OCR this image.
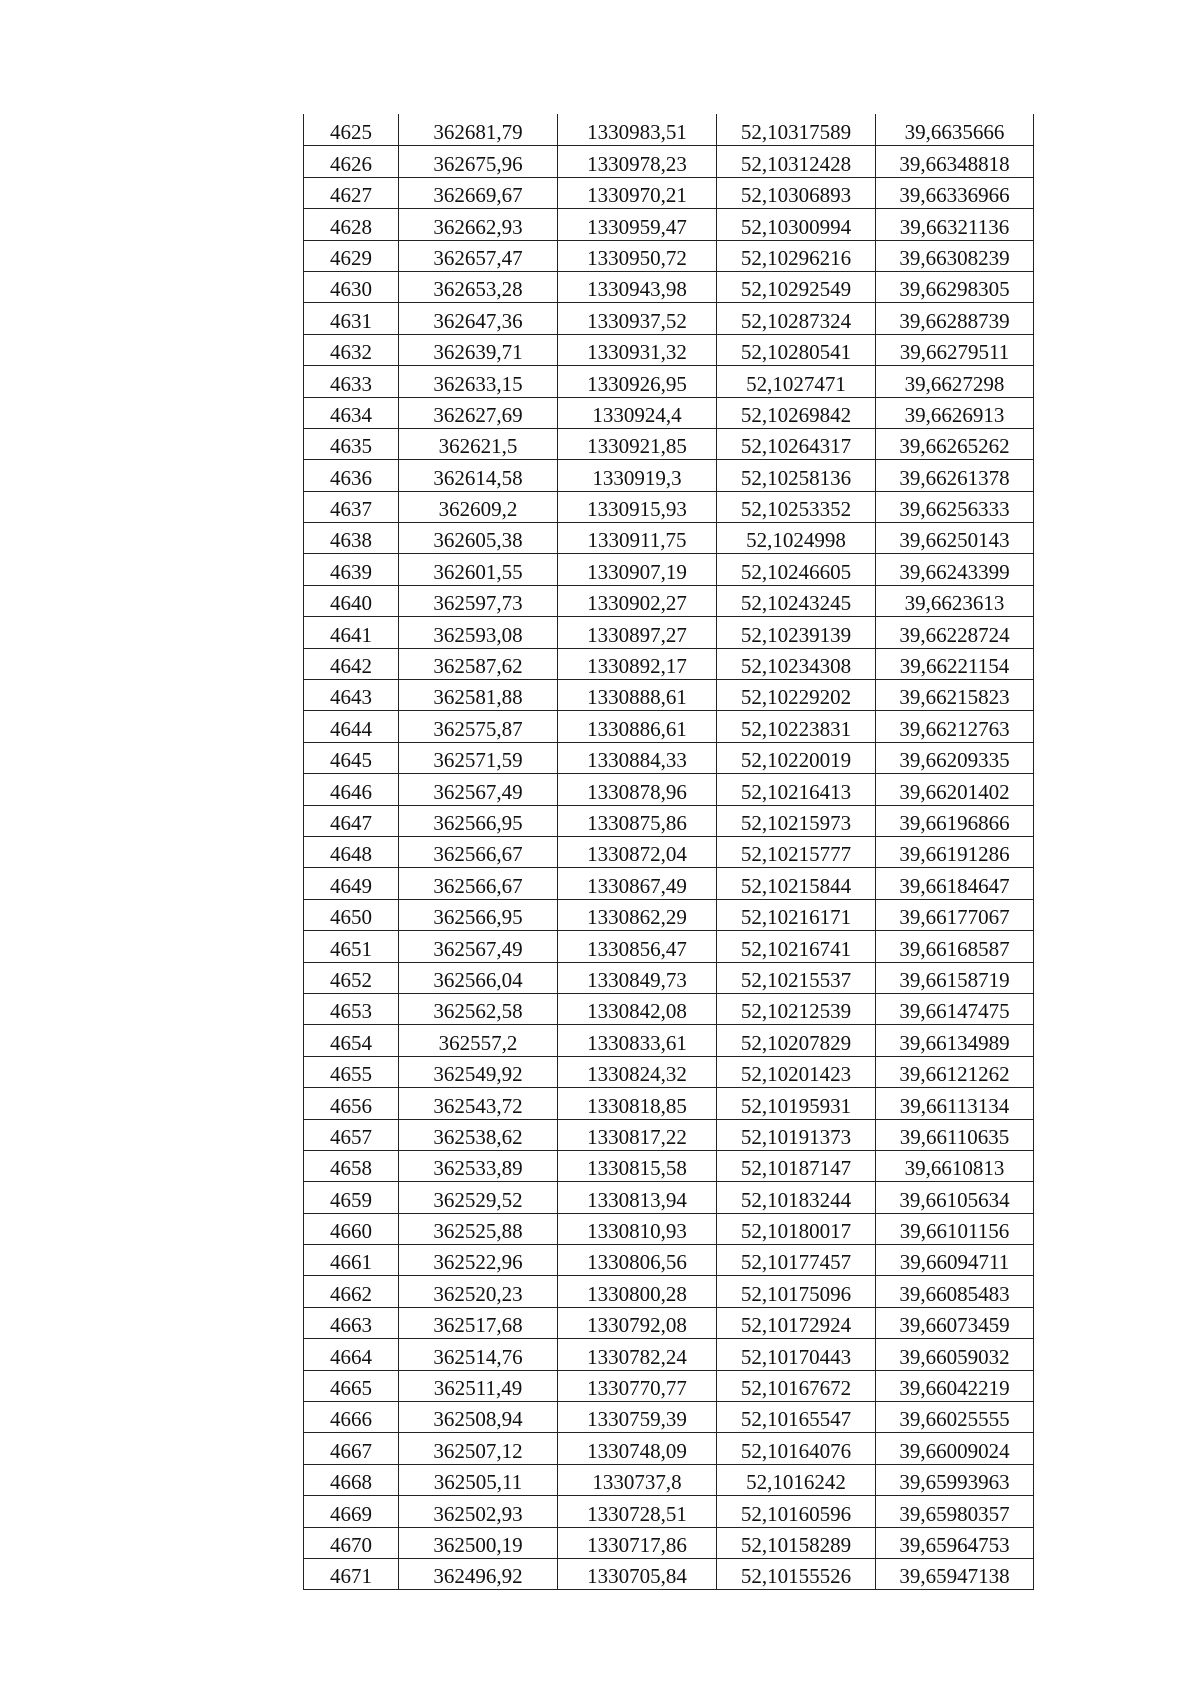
4625	362681,79	1330983,51	52,10317589	39,6635666
4626	362675,96	1330978,23	52,10312428	39,66348818
4627	362669,67	1330970,21	52,10306893	39,66336966
4628	362662,93	1330959,47	52,10300994	39,66321136
4629	362657,47	1330950,72	52,10296216	39,66308239
4630	362653,28	1330943,98	52,10292549	39,66298305
4631	362647,36	1330937,52	52,10287324	39,66288739
4632	362639,71	1330931,32	52,10280541	39,66279511
4633	362633,15	1330926,95	52,1027471	39,6627298
4634	362627,69	1330924,4	52,10269842	39,6626913
4635	362621,5	1330921,85	52,10264317	39,66265262
4636	362614,58	1330919,3	52,10258136	39,66261378
4637	362609,2	1330915,93	52,10253352	39,66256333
4638	362605,38	1330911,75	52,1024998	39,66250143
4639	362601,55	1330907,19	52,10246605	39,66243399
4640	362597,73	1330902,27	52,10243245	39,6623613
4641	362593,08	1330897,27	52,10239139	39,66228724
4642	362587,62	1330892,17	52,10234308	39,66221154
4643	362581,88	1330888,61	52,10229202	39,66215823
4644	362575,87	1330886,61	52,10223831	39,66212763
4645	362571,59	1330884,33	52,10220019	39,66209335
4646	362567,49	1330878,96	52,10216413	39,66201402
4647	362566,95	1330875,86	52,10215973	39,66196866
4648	362566,67	1330872,04	52,10215777	39,66191286
4649	362566,67	1330867,49	52,10215844	39,66184647
4650	362566,95	1330862,29	52,10216171	39,66177067
4651	362567,49	1330856,47	52,10216741	39,66168587
4652	362566,04	1330849,73	52,10215537	39,66158719
4653	362562,58	1330842,08	52,10212539	39,66147475
4654	362557,2	1330833,61	52,10207829	39,66134989
4655	362549,92	1330824,32	52,10201423	39,66121262
4656	362543,72	1330818,85	52,10195931	39,66113134
4657	362538,62	1330817,22	52,10191373	39,66110635
4658	362533,89	1330815,58	52,10187147	39,6610813
4659	362529,52	1330813,94	52,10183244	39,66105634
4660	362525,88	1330810,93	52,10180017	39,66101156
4661	362522,96	1330806,56	52,10177457	39,66094711
4662	362520,23	1330800,28	52,10175096	39,66085483
4663	362517,68	1330792,08	52,10172924	39,66073459
4664	362514,76	1330782,24	52,10170443	39,66059032
4665	362511,49	1330770,77	52,10167672	39,66042219
4666	362508,94	1330759,39	52,10165547	39,66025555
4667	362507,12	1330748,09	52,10164076	39,66009024
4668	362505,11	1330737,8	52,1016242	39,65993963
4669	362502,93	1330728,51	52,10160596	39,65980357
4670	362500,19	1330717,86	52,10158289	39,65964753
4671	362496,92	1330705,84	52,10155526	39,65947138
